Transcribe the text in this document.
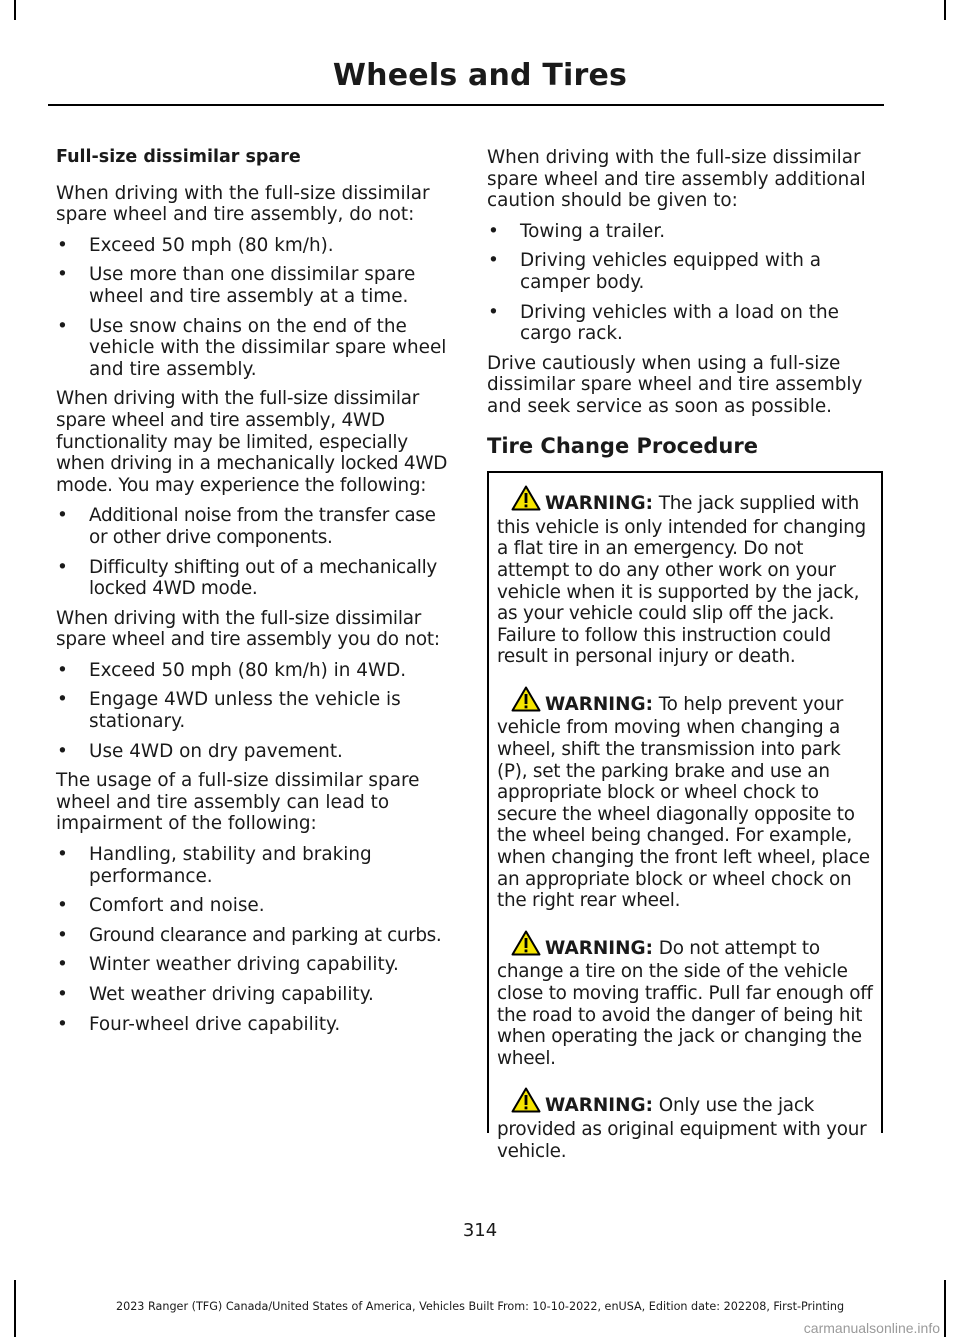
Wheels and Tires
Full-size dissimilar spare
When driving with the full-size dissimilar spare wheel and tire assembly, do not:
• Exceed 50 mph (80 km/h).
• Use more than one dissimilar spare wheel and tire assembly at a time.
• Use snow chains on the end of the vehicle with the dissimilar spare wheel and tire assembly.
When driving with the full-size dissimilar spare wheel and tire assembly, 4WD functionality may be limited, especially when driving in a mechanically locked 4WD mode. You may experience the following:
• Additional noise from the transfer case or other drive components.
• Difficulty shifting out of a mechanically locked 4WD mode.
When driving with the full-size dissimilar spare wheel and tire assembly you do not:
• Exceed 50 mph (80 km/h) in 4WD.
• Engage 4WD unless the vehicle is stationary.
• Use 4WD on dry pavement.
The usage of a full-size dissimilar spare wheel and tire assembly can lead to impairment of the following:
• Handling, stability and braking performance.
• Comfort and noise.
• Ground clearance and parking at curbs.
• Winter weather driving capability.
• Wet weather driving capability.
• Four-wheel drive capability.
When driving with the full-size dissimilar spare wheel and tire assembly additional caution should be given to:
• Towing a trailer.
• Driving vehicles equipped with a camper body.
• Driving vehicles with a load on the cargo rack.
Drive cautiously when using a full-size dissimilar spare wheel and tire assembly and seek service as soon as possible.
Tire Change Procedure
WARNING: The jack supplied with this vehicle is only intended for changing a flat tire in an emergency. Do not attempt to do any other work on your vehicle when it is supported by the jack, as your vehicle could slip off the jack. Failure to follow this instruction could result in personal injury or death.
WARNING: To help prevent your vehicle from moving when changing a wheel, shift the transmission into park (P), set the parking brake and use an appropriate block or wheel chock to secure the wheel diagonally opposite to the wheel being changed. For example, when changing the front left wheel, place an appropriate block or wheel chock on the right rear wheel.
WARNING: Do not attempt to change a tire on the side of the vehicle close to moving traffic. Pull far enough off the road to avoid the danger of being hit when operating the jack or changing the wheel.
WARNING: Only use the jack provided as original equipment with your vehicle.
314
2023 Ranger (TFG) Canada/United States of America, Vehicles Built From: 10-10-2022, enUSA, Edition date: 202208, First-Printing
carmanualsonline.info
